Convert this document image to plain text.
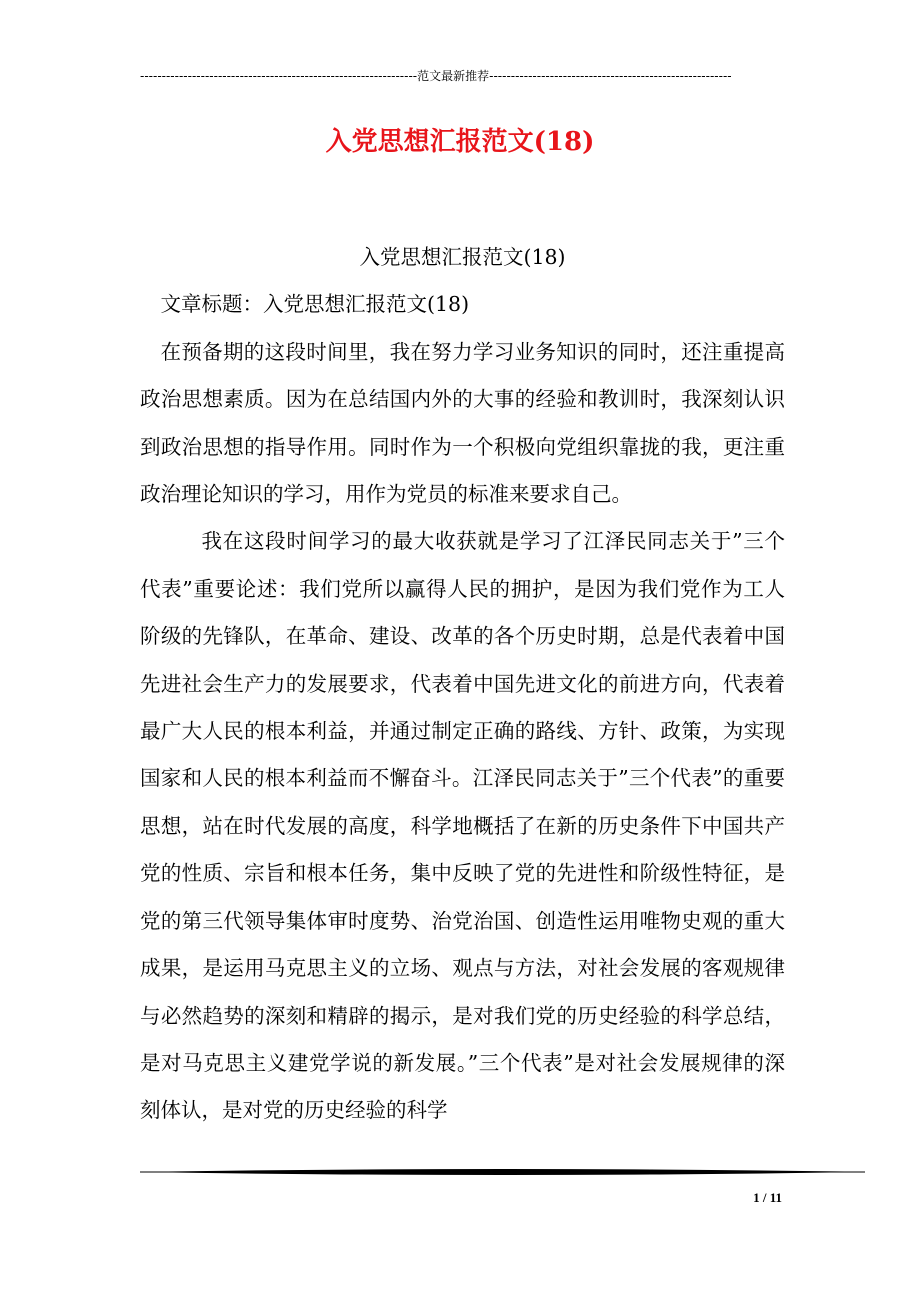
----------------------------------------------------------------范文最新推荐--------------------------------------------------------
入党思想汇报范文(18)

入党思想汇报范文(18)

文章标题：入党思想汇报范文(18)

在预备期的这段时间里，我在努力学习业务知识的同时，还注重提高政治思想素质。因为在总结国内外的大事的经验和教训时，我深刻认识到政治思想的指导作用。同时作为一个积极向党组织靠拢的我，更注重政治理论知识的学习，用作为党员的标准来要求自己。

我在这段时间学习的最大收获就是学习了江泽民同志关于”三个代表”重要论述：我们党所以赢得人民的拥护，是因为我们党作为工人阶级的先锋队，在革命、建设、改革的各个历史时期，总是代表着中国先进社会生产力的发展要求，代表着中国先进文化的前进方向，代表着最广大人民的根本利益，并通过制定正确的路线、方针、政策，为实现国家和人民的根本利益而不懈奋斗。江泽民同志关于”三个代表”的重要思想，站在时代发展的高度，科学地概括了在新的历史条件下中国共产党的性质、宗旨和根本任务，集中反映了党的先进性和阶级性特征，是党的第三代领导集体审时度势、治党治国、创造性运用唯物史观的重大成果，是运用马克思主义的立场、观点与方法，对社会发展的客观规律与必然趋势的深刻和精辟的揭示，是对我们党的历史经验的科学总结，是对马克思主义建党学说的新发展。”三个代表”是对社会发展规律的深刻体认，是对党的历史经验的科学

1 / 11
